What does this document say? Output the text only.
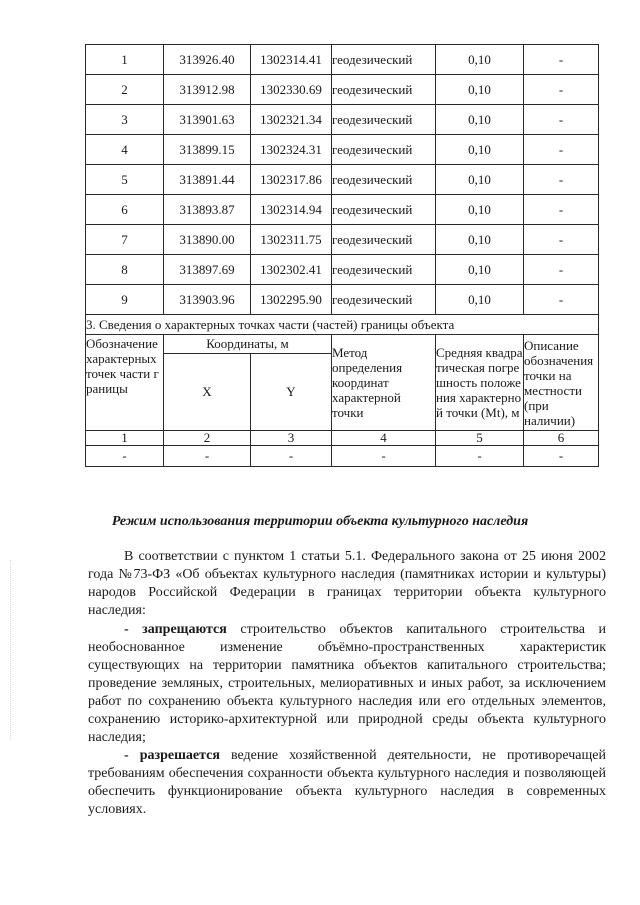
1	313926.40	1302314.41	геодезический	0,10	-
2	313912.98	1302330.69	геодезический	0,10	-
3	313901.63	1302321.34	геодезический	0,10	-
4	313899.15	1302324.31	геодезический	0,10	-
5	313891.44	1302317.86	геодезический	0,10	-
6	313893.87	1302314.94	геодезический	0,10	-
7	313890.00	1302311.75	геодезический	0,10	-
8	313897.69	1302302.41	геодезический	0,10	-
9	313903.96	1302295.90	геодезический	0,10	-
3. Сведения о характерных точках части (частей) границы объекта					

Обозначение характерных точек части границы	Координаты, м		Метод определения координат характерной точки	Средняя квадратическая погрешность положения характерной точки (Mt), м	Описание обозначения точки на местности (при наличии)

	X	Y			
1	2	3	4	5	6
-	-	-	-	-	-
Режим использования территории объекта культурного наследия

В соответствии с пунктом 1 статьи 5.1. Федерального закона от 25 июня 2002 года №73-ФЗ «Об объектах культурного наследия (памятниках истории и культуры) народов Российской Федерации в границах территории объекта культурного наследия:

- запрещаются строительство объектов капитального строительства и необоснованное изменение объёмно-пространственных характеристик существующих на территории памятника объектов капитального строительства; проведение земляных, строительных, мелиоративных и иных работ, за исключением работ по сохранению объекта культурного наследия или его отдельных элементов, сохранению историко-архитектурной или природной среды объекта культурного наследия;

- разрешается ведение хозяйственной деятельности, не противоречащей требованиям обеспечения сохранности объекта культурного наследия и позволяющей обеспечить функционирование объекта культурного наследия в современных условиях.
